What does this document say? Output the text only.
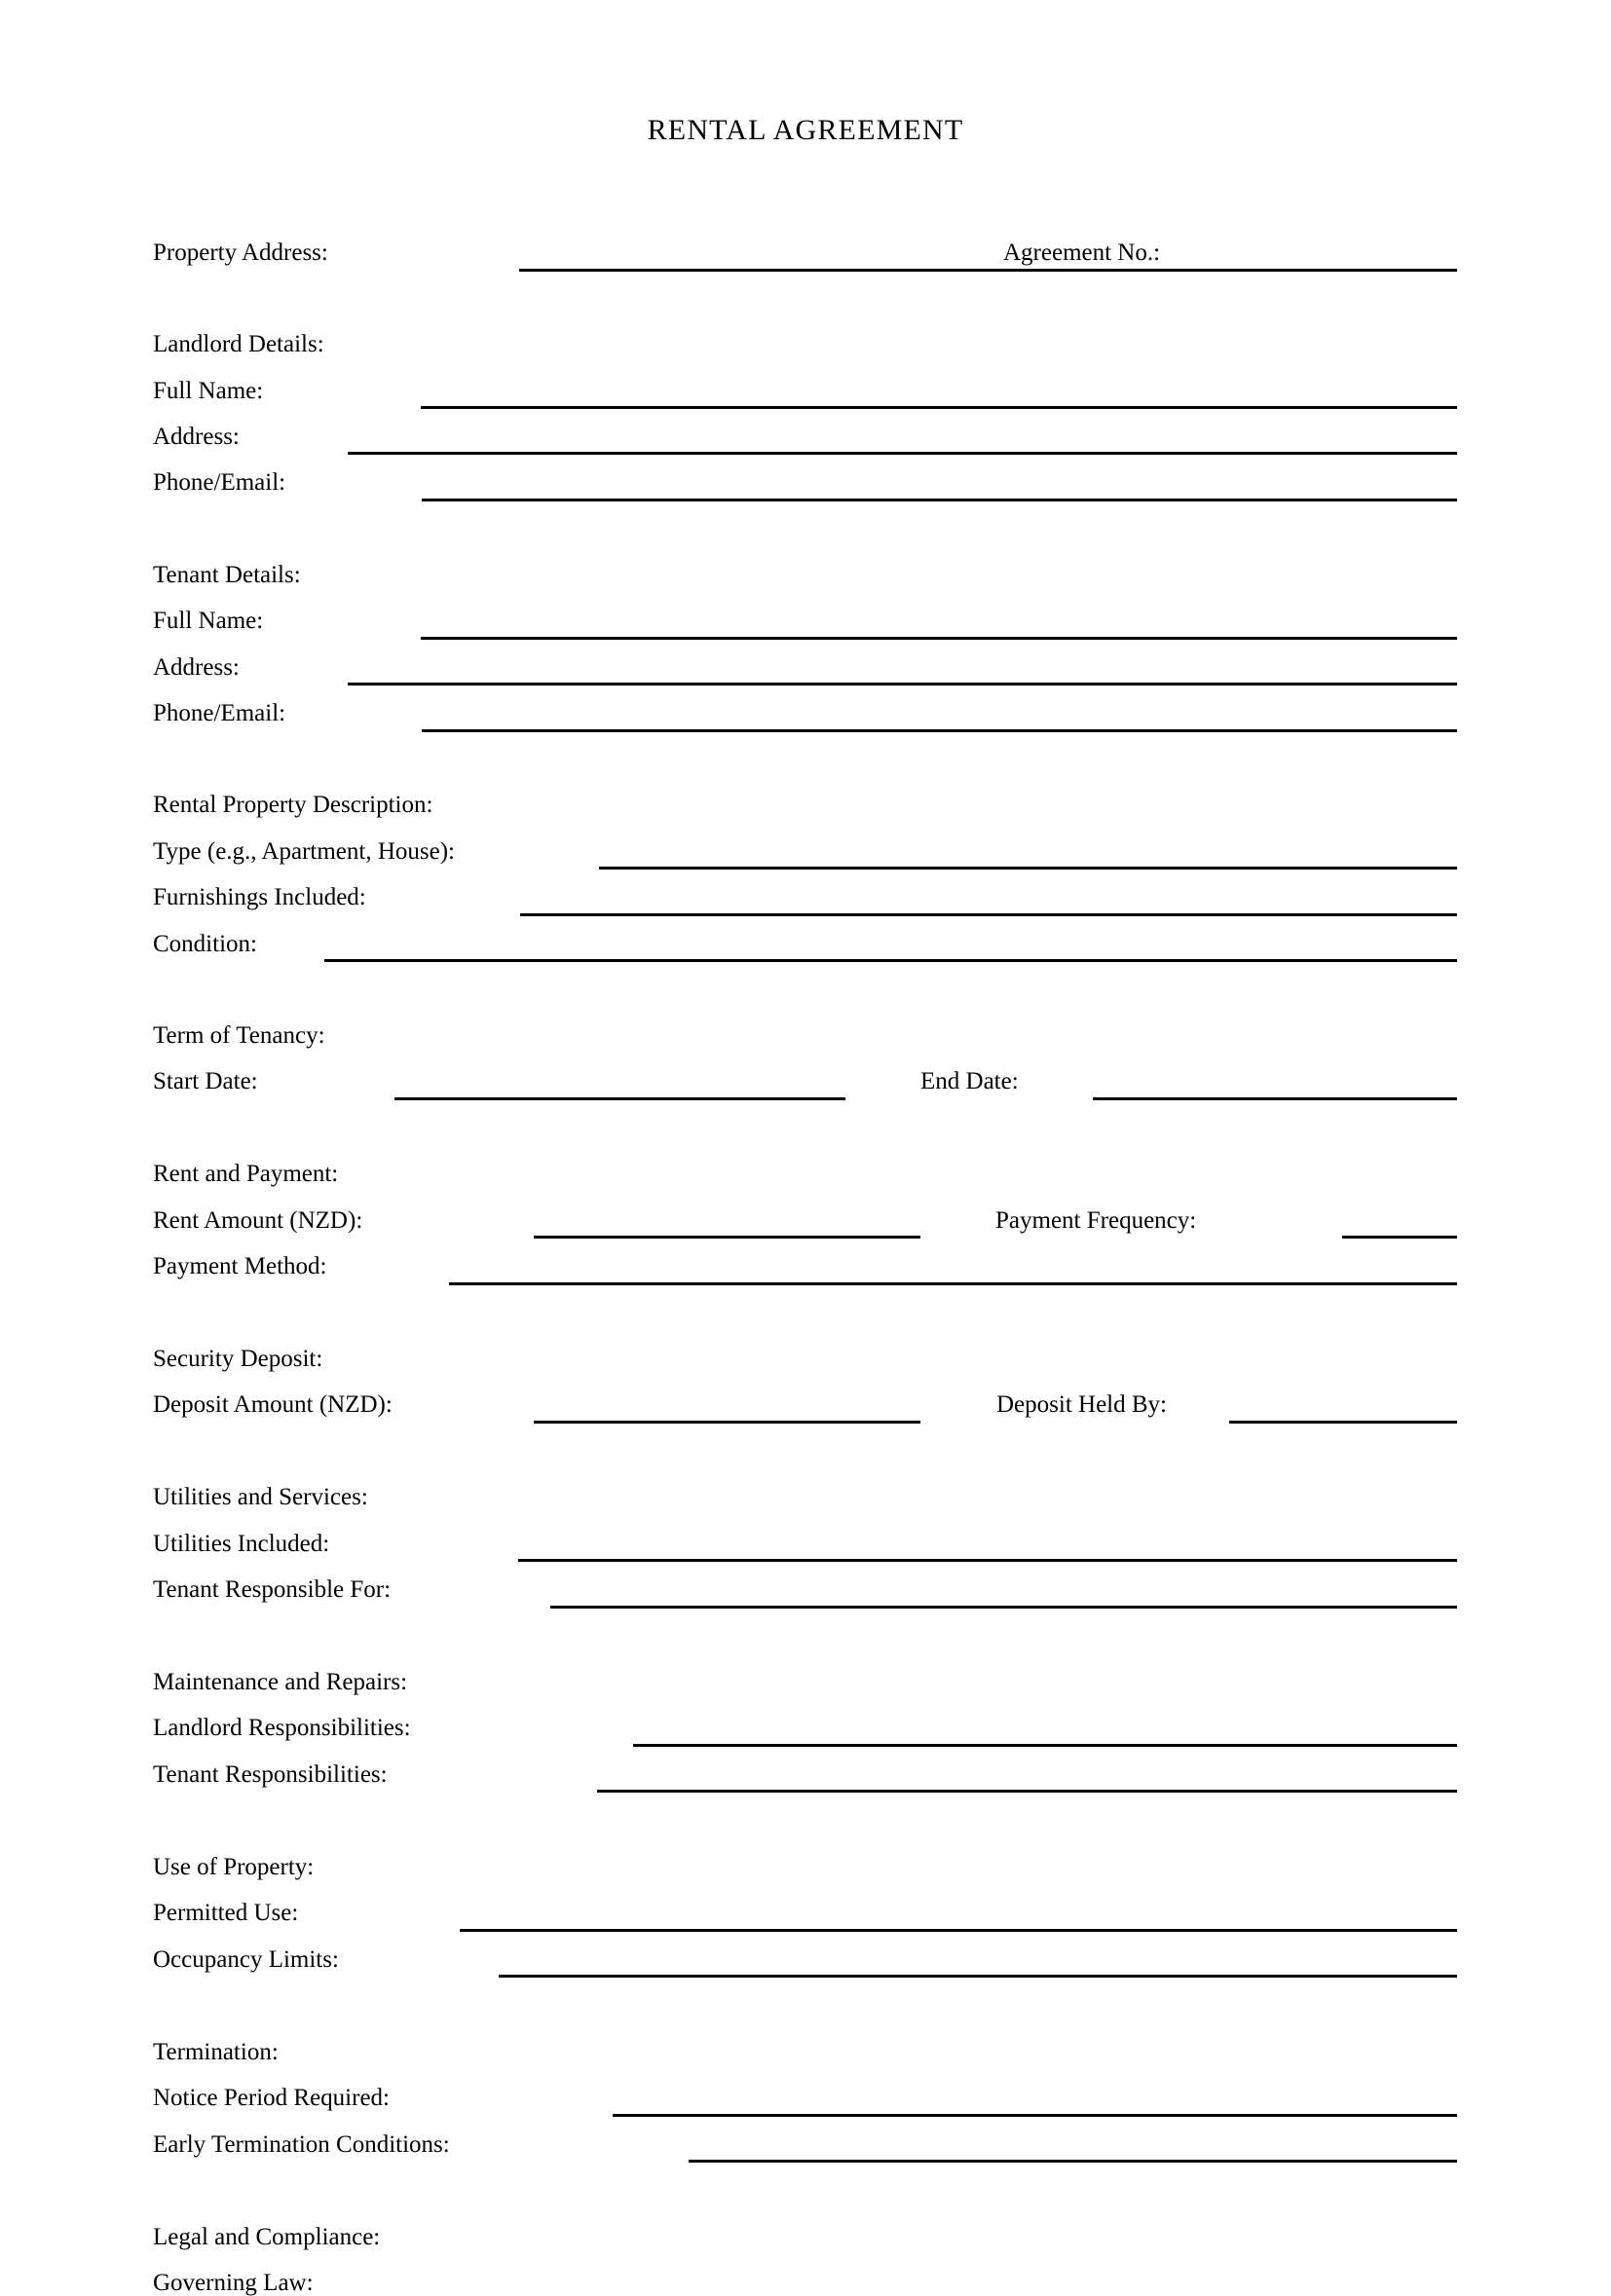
RENTAL AGREEMENT
Property Address:	Agreement No.:
Landlord Details:
Full Name:
Address:
Phone/Email:
Tenant Details:
Full Name:
Address:
Phone/Email:
Rental Property Description:
Type (e.g., Apartment, House):
Furnishings Included:
Condition:
Term of Tenancy:
Start Date:	End Date:
Rent and Payment:
Rent Amount (NZD):	Payment Frequency:
Payment Method:
Security Deposit:
Deposit Amount (NZD):	Deposit Held By:
Utilities and Services:
Utilities Included:
Tenant Responsible For:
Maintenance and Repairs:
Landlord Responsibilities:
Tenant Responsibilities:
Use of Property:
Permitted Use:
Occupancy Limits:
Termination:
Notice Period Required:
Early Termination Conditions:
Legal and Compliance:
Governing Law:
